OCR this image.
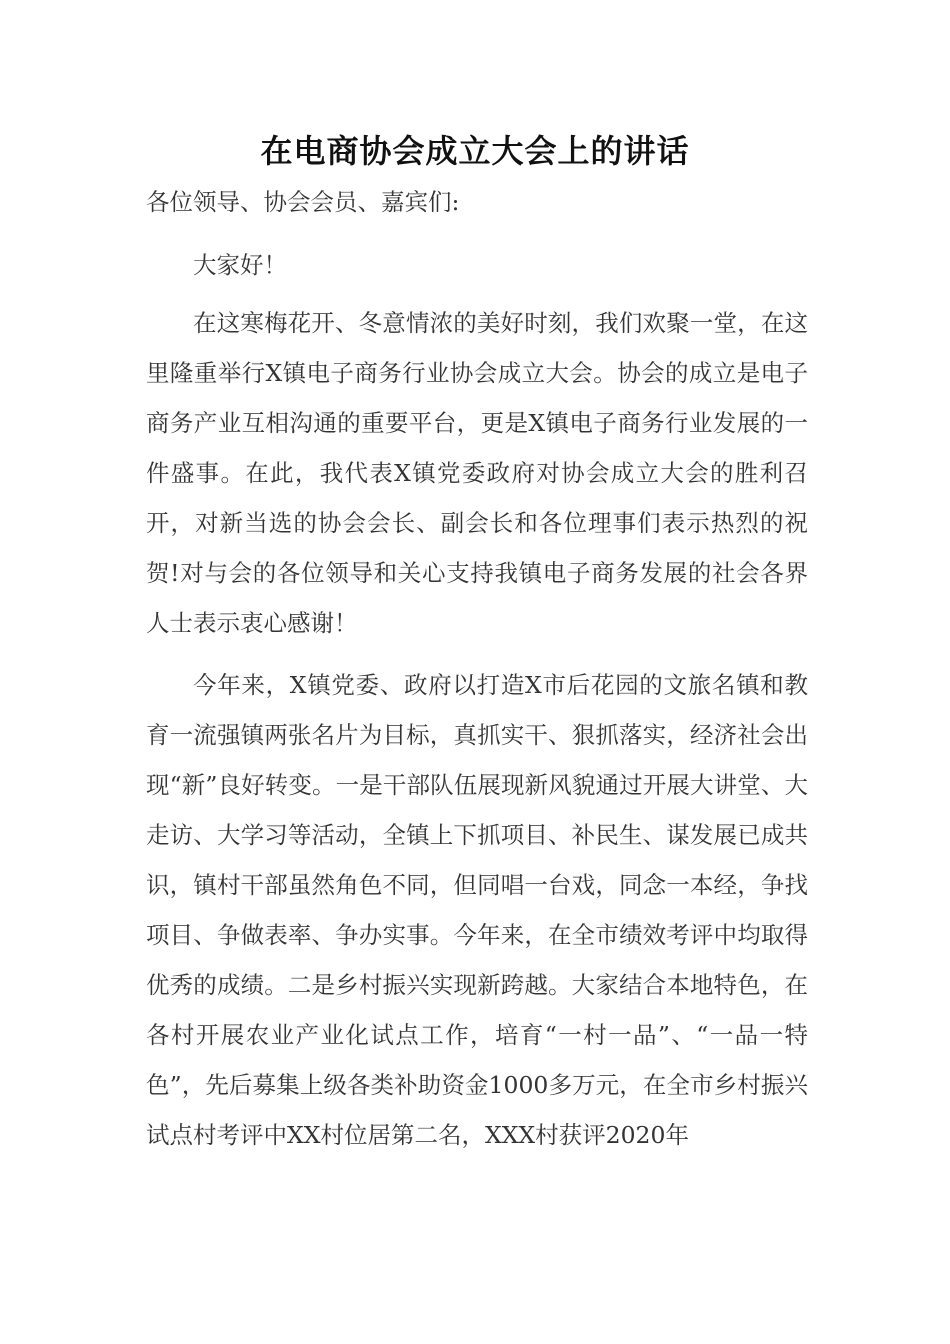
在电商协会成立大会上的讲话

各位领导、协会会员、嘉宾们:

大家好！

在这寒梅花开、冬意情浓的美好时刻，我们欢聚一堂，在这里隆重举行X镇电子商务行业协会成立大会。协会的成立是电子商务产业互相沟通的重要平台，更是X镇电子商务行业发展的一件盛事。在此，我代表X镇党委政府对协会成立大会的胜利召开，对新当选的协会会长、副会长和各位理事们表示热烈的祝贺!对与会的各位领导和关心支持我镇电子商务发展的社会各界人士表示衷心感谢！

今年来，X镇党委、政府以打造X市后花园的文旅名镇和教育一流强镇两张名片为目标，真抓实干、狠抓落实，经济社会出现“新”良好转变。一是干部队伍展现新风貌通过开展大讲堂、大走访、大学习等活动，全镇上下抓项目、补民生、谋发展已成共识，镇村干部虽然角色不同，但同唱一台戏，同念一本经，争找项目、争做表率、争办实事。今年来，在全市绩效考评中均取得优秀的成绩。二是乡村振兴实现新跨越。大家结合本地特色，在各村开展农业产业化试点工作，培育“一村一品”、“一品一特色”，先后募集上级各类补助资金1000多万元，在全市乡村振兴试点村考评中XX村位居第二名，XXX村获评2020年
